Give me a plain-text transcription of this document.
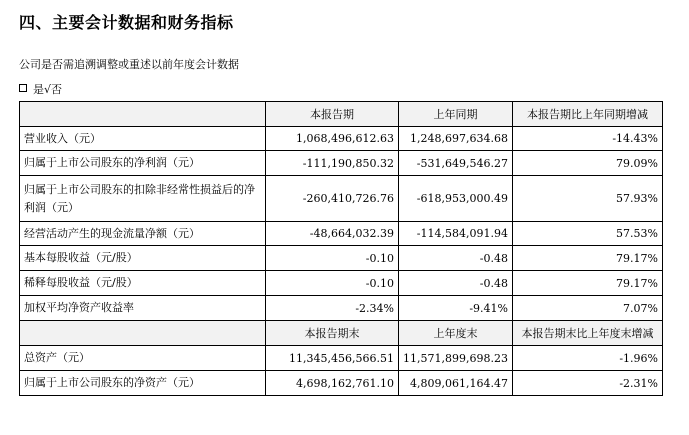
四、主要会计数据和财务指标
公司是否需追溯调整或重述以前年度会计数据
是√否
	本报告期	上年同期	本报告期比上年同期增减
营业收入（元）	1,068,496,612.63	1,248,697,634.68	-14.43%
归属于上市公司股东的净利润（元）	-111,190,850.32	-531,649,546.27	79.09%
归属于上市公司股东的扣除非经常性损益后的净利润（元）	-260,410,726.76	-618,953,000.49	57.93%
经营活动产生的现金流量净额（元）	-48,664,032.39	-114,584,091.94	57.53%
基本每股收益（元/股）	-0.10	-0.48	79.17%
稀释每股收益（元/股）	-0.10	-0.48	79.17%
加权平均净资产收益率	-2.34%	-9.41%	7.07%
	本报告期末	上年度末	本报告期末比上年度末增减
总资产（元）	11,345,456,566.51	11,571,899,698.23	-1.96%
归属于上市公司股东的净资产（元）	4,698,162,761.10	4,809,061,164.47	-2.31%
